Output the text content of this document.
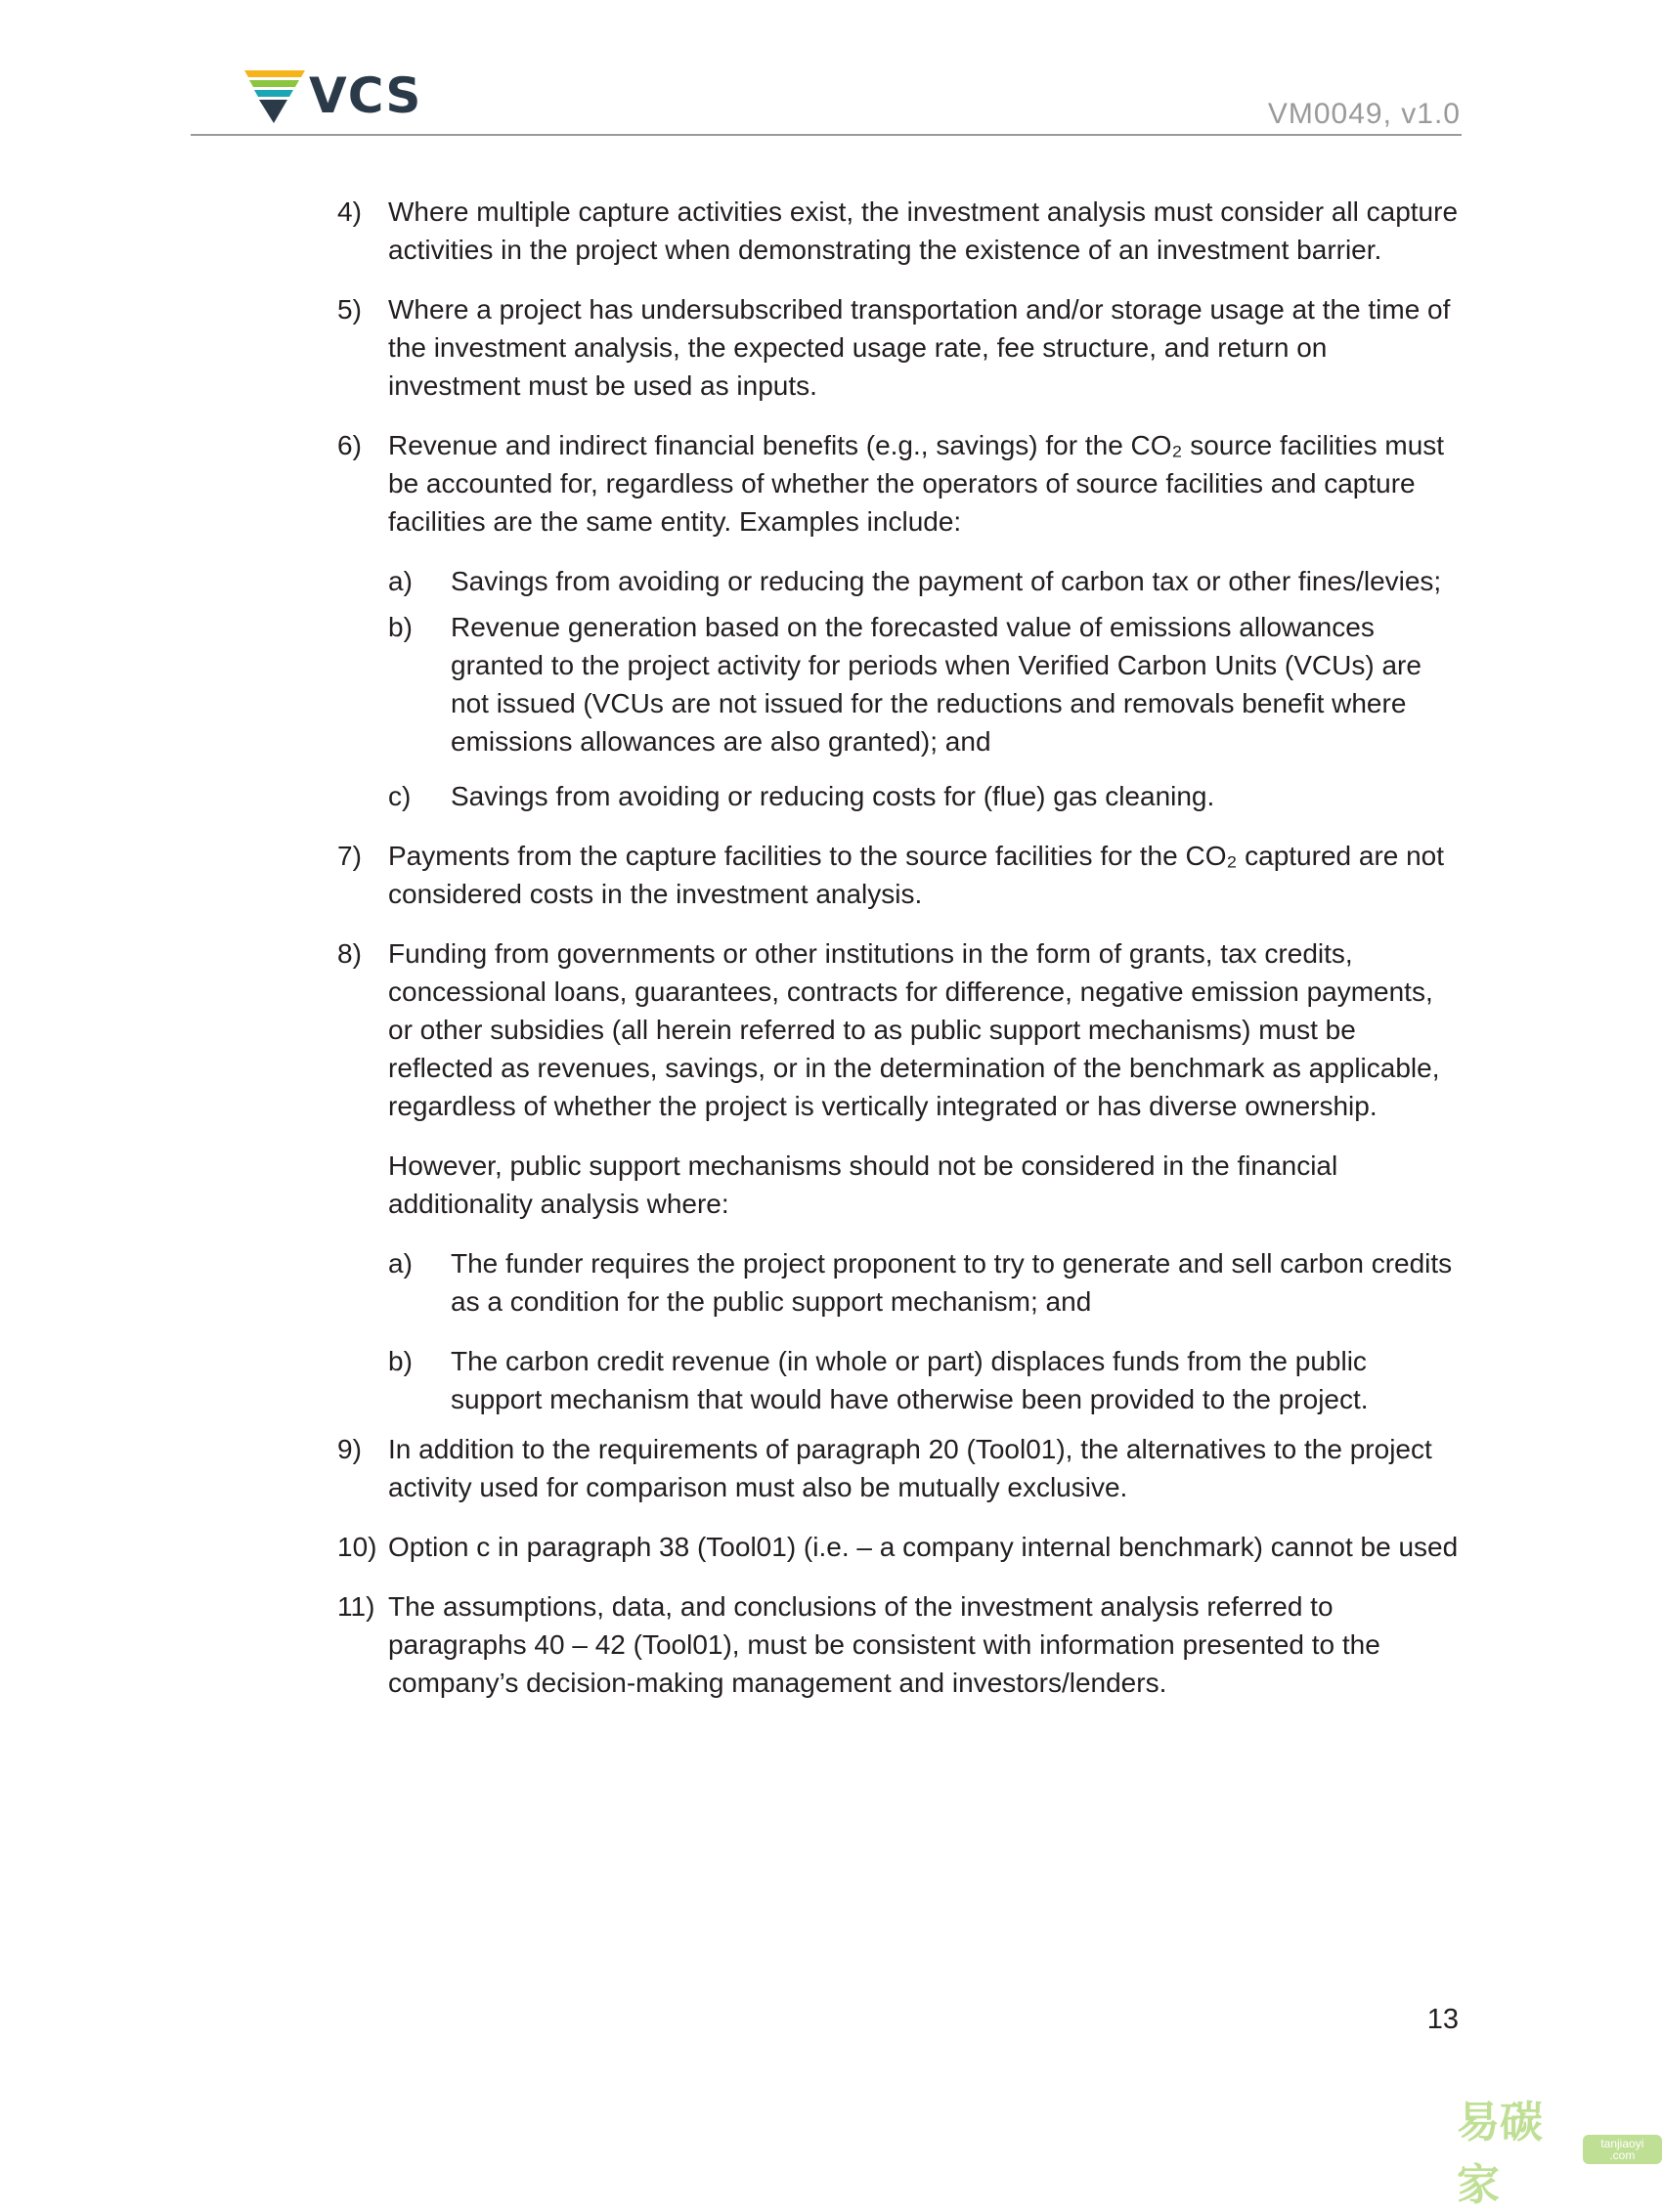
VCS	VM0049, v1.0
4) Where multiple capture activities exist, the investment analysis must consider all capture activities in the project when demonstrating the existence of an investment barrier.
5) Where a project has undersubscribed transportation and/or storage usage at the time of the investment analysis, the expected usage rate, fee structure, and return on investment must be used as inputs.
6) Revenue and indirect financial benefits (e.g., savings) for the CO₂ source facilities must be accounted for, regardless of whether the operators of source facilities and capture facilities are the same entity. Examples include:
a) Savings from avoiding or reducing the payment of carbon tax or other fines/levies;
b) Revenue generation based on the forecasted value of emissions allowances granted to the project activity for periods when Verified Carbon Units (VCUs) are not issued (VCUs are not issued for the reductions and removals benefit where emissions allowances are also granted); and
c) Savings from avoiding or reducing costs for (flue) gas cleaning.
7) Payments from the capture facilities to the source facilities for the CO₂ captured are not considered costs in the investment analysis.
8) Funding from governments or other institutions in the form of grants, tax credits, concessional loans, guarantees, contracts for difference, negative emission payments, or other subsidies (all herein referred to as public support mechanisms) must be reflected as revenues, savings, or in the determination of the benchmark as applicable, regardless of whether the project is vertically integrated or has diverse ownership.
However, public support mechanisms should not be considered in the financial additionality analysis where:
a) The funder requires the project proponent to try to generate and sell carbon credits as a condition for the public support mechanism; and
b) The carbon credit revenue (in whole or part) displaces funds from the public support mechanism that would have otherwise been provided to the project.
9) In addition to the requirements of paragraph 20 (Tool01), the alternatives to the project activity used for comparison must also be mutually exclusive.
10) Option c in paragraph 38 (Tool01) (i.e. – a company internal benchmark) cannot be used
11) The assumptions, data, and conclusions of the investment analysis referred to paragraphs 40 – 42 (Tool01), must be consistent with information presented to the company’s decision-making management and investors/lenders.
13
易碳家
tanjiaoyi .com
